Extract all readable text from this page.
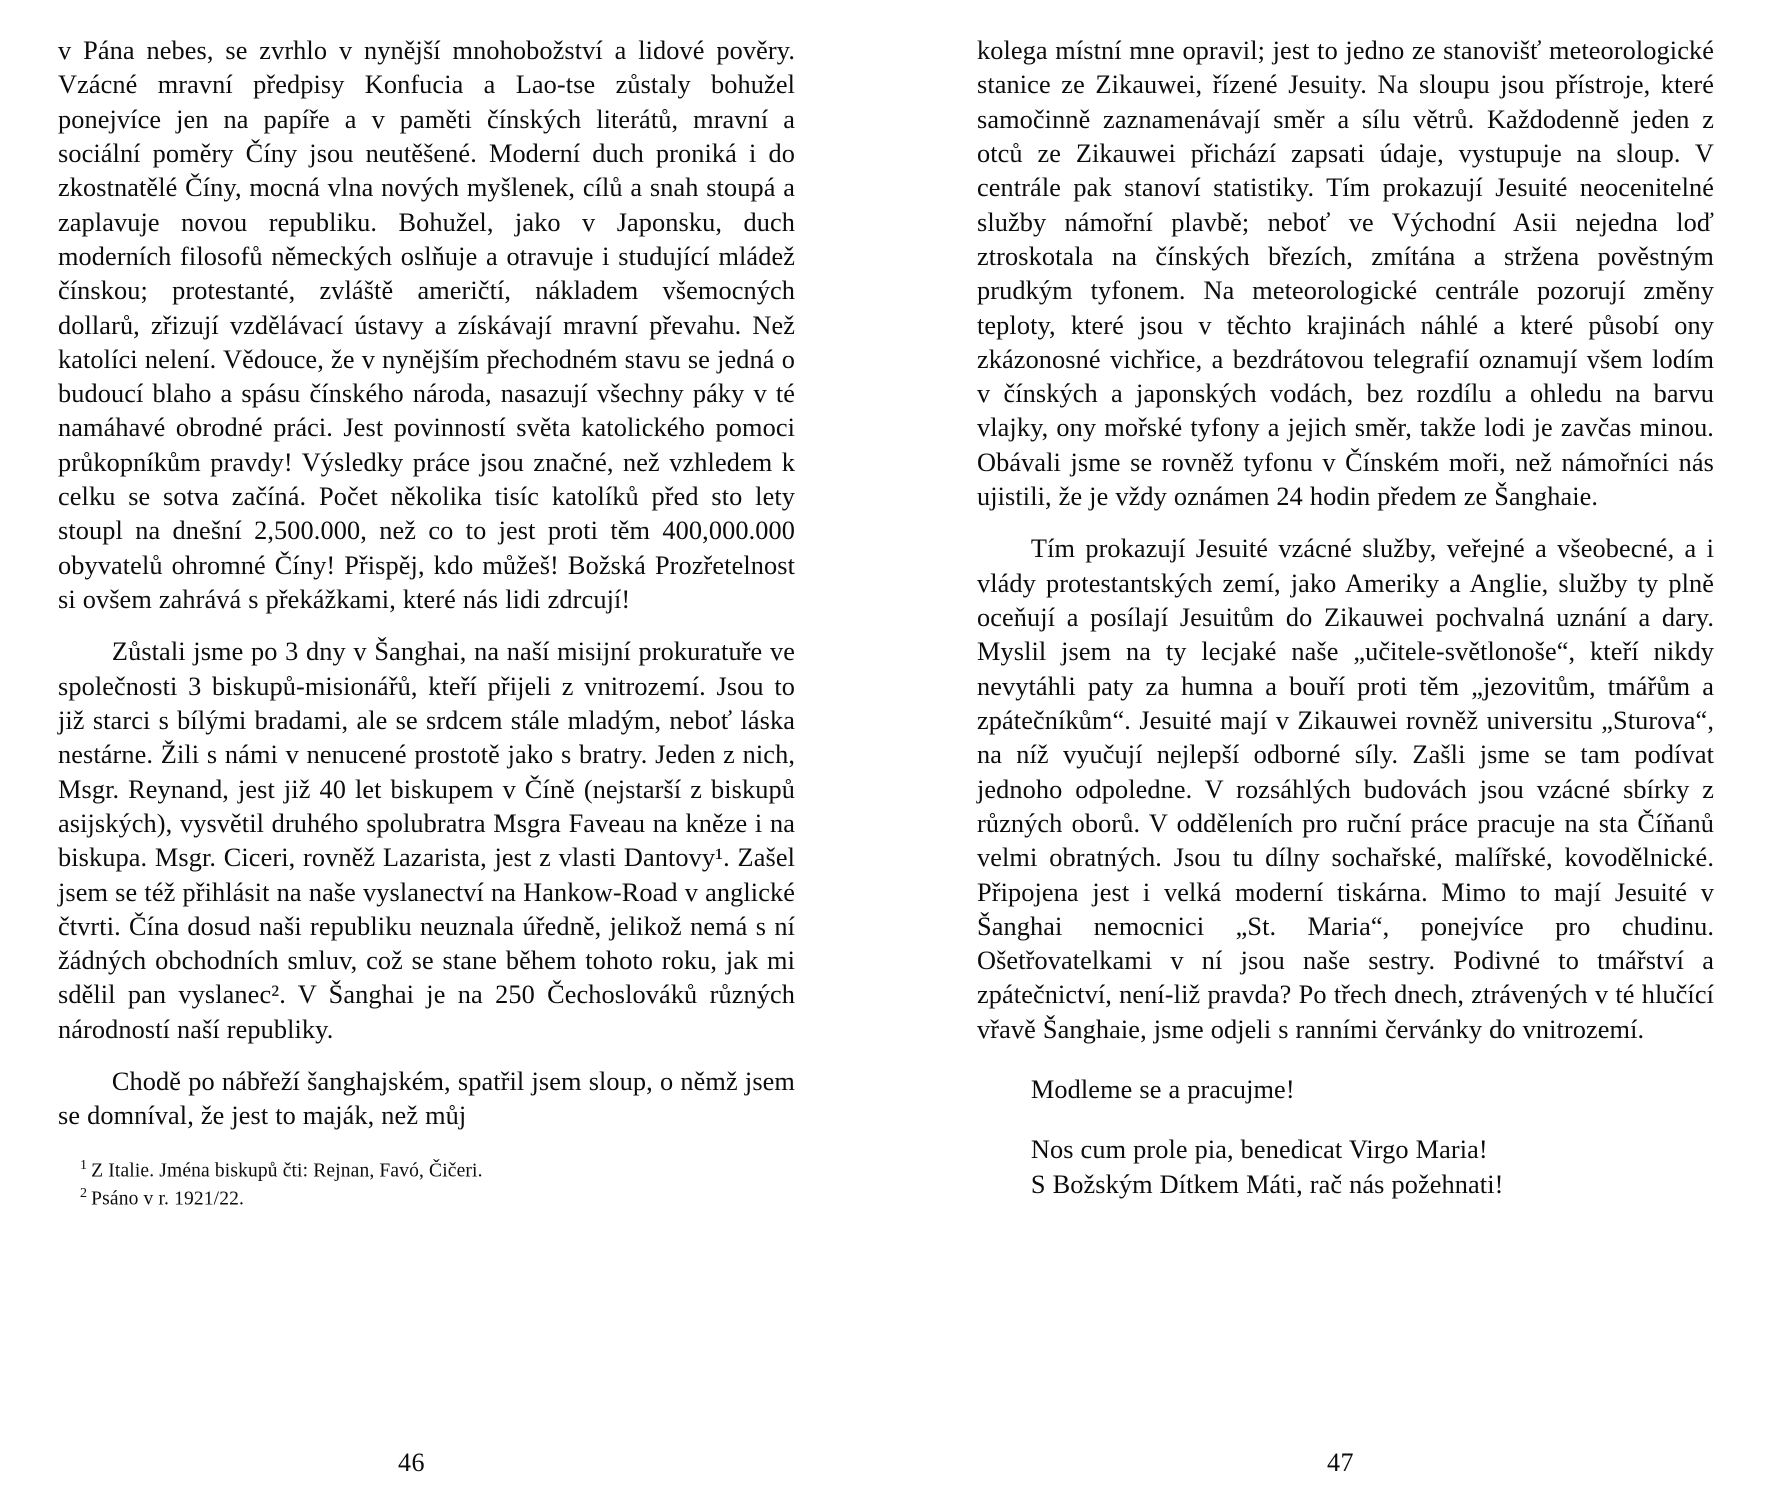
v Pána nebes, se zvrhlo v nynější mnohobožství a lidové pověry. Vzácné mravní předpisy Konfucia a Lao-tse zůstaly bohužel ponejvíce jen na papíře a v paměti čínských literátů, mravní a sociální poměry Číny jsou neutěšené. Moderní duch proniká i do zkostnatělé Číny, mocná vlna nových myšlenek, cílů a snah stoupá a zaplavuje novou republiku. Bohužel, jako v Japonsku, duch moderních filosofů německých oslňuje a otravuje i studující mládež čínskou; protestanté, zvláště američtí, nákladem všemocných dollarů, zřizují vzdělávací ústavy a získávají mravní převahu. Než katolíci nelení. Vědouce, že v nynějším přechodném stavu se jedná o budoucí blaho a spásu čínského národa, nasazují všechny páky v té namáhavé obrodné práci. Jest povinností světa katolického pomoci průkopníkům pravdy! Výsledky práce jsou značné, než vzhledem k celku se sotva začíná. Počet několika tisíc katolíků před sto lety stoupl na dnešní 2,500.000, než co to jest proti těm 400,000.000 obyvatelů ohromné Číny! Přispěj, kdo můžeš! Božská Prozřetelnost si ovšem zahrává s překážkami, které nás lidi zdrcují!

Zůstali jsme po 3 dny v Šanghai, na naší misijní prokuratuře ve společnosti 3 biskupů-misionářů, kteří přijeli z vnitrozemí. Jsou to již starci s bílými bradami, ale se srdcem stále mladým, neboť láska nestárne. Žili s námi v nenucené prostotě jako s bratry. Jeden z nich, Msgr. Reynand, jest již 40 let biskupem v Číně (nejstarší z biskupů asijských), vysvětil druhého spolubratra Msgra Faveau na kněze i na biskupa. Msgr. Ciceri, rovněž Lazarista, jest z vlasti Dantovy¹. Zašel jsem se též přihlásit na naše vyslanectví na Hankow-Road v anglické čtvrti. Čína dosud naši republiku neuznala úředně, jelikož nemá s ní žádných obchodních smluv, což se stane během tohoto roku, jak mi sdělil pan vyslanec². V Šanghai je na 250 Čechoslováků různých národností naší republiky.

Chodě po nábřeží šanghajském, spatřil jsem sloup, o němž jsem se domníval, že jest to maják, než můj

$^1$ Z Italie. Jména biskupů čti: Rejnan, Favó, Čičeri.
$^2$ Psáno v r. 1921/22.
46

kolega místní mne opravil; jest to jedno ze stanovišť meteorologické stanice ze Zikauwei, řízené Jesuity. Na sloupu jsou přístroje, které samočinně zaznamenávají směr a sílu větrů. Každodenně jeden z otců ze Zikauwei přichází zapsati údaje, vystupuje na sloup. V centrále pak stanoví statistiky. Tím prokazují Jesuité neocenitelné služby námořní plavbě; neboť ve Východní Asii nejedna loď ztroskotala na čínských březích, zmítána a stržena pověstným prudkým tyfonem. Na meteorologické centrále pozorují změny teploty, které jsou v těchto krajinách náhlé a které působí ony zkázonosné vichřice, a bezdrátovou telegrafií oznamují všem lodím v čínských a japonských vodách, bez rozdílu a ohledu na barvu vlajky, ony mořské tyfony a jejich směr, takže lodi je zavčas minou. Obávali jsme se rovněž tyfonu v Čínském moři, než námořníci nás ujistili, že je vždy oznámen 24 hodin předem ze Šanghaie.

Tím prokazují Jesuité vzácné služby, veřejné a všeobecné, a i vlády protestantských zemí, jako Ameriky a Anglie, služby ty plně oceňují a posílají Jesuitům do Zikauwei pochvalná uznání a dary. Myslil jsem na ty lecjaké naše „učitele-světlonoše“, kteří nikdy nevytáhli paty za humna a bouří proti těm „jezovitům, tmářům a zpátečníkům“. Jesuité mají v Zikauwei rovněž universitu „Sturova“, na níž vyučují nejlepší odborné síly. Zašli jsme se tam podívat jednoho odpoledne. V rozsáhlých budovách jsou vzácné sbírky z různých oborů. V odděleních pro ruční práce pracuje na sta Číňanů velmi obratných. Jsou tu dílny sochařské, malířské, kovodělnické. Připojena jest i velká moderní tiskárna. Mimo to mají Jesuité v Šanghai nemocnici „St. Maria“, ponejvíce pro chudinu. Ošetřovatelkami v ní jsou naše sestry. Podivné to tmářství a zpátečnictví, není-liž pravda? Po třech dnech, ztrávených v té hlučící vřavě Šanghaie, jsme odjeli s ranními červánky do vnitrozemí.

Modleme se a pracujme!

Nos cum prole pia, benedicat Virgo Maria!

S Božským Dítkem Máti, rač nás požehnati!

47
